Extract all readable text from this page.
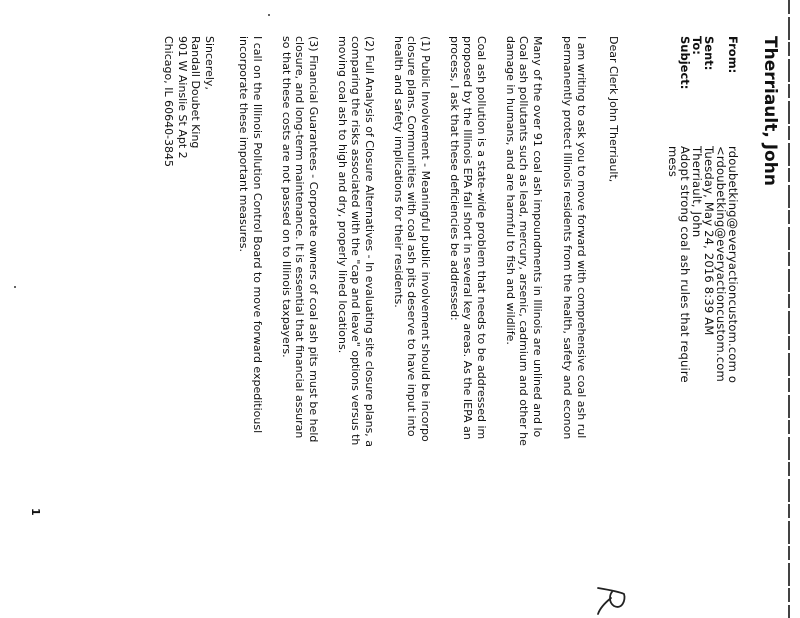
Therriault, John
From:
rdoubetking@everyactioncustom.com o
<rdoubetking@everyactioncustom.com
Sent:
Tuesday, May 24, 2016 8:39 AM
To:
Therriault, John
Subject:
Adopt strong coal ash rules that require
mess
Dear Clerk John Therriault,
I am writing to ask you to move forward with comprehensive coal ash rul
permanently protect Illinois residents from the health, safety and econon
Many of the over 91 coal ash impoundments in Illinois are unlined and lo
Coal ash pollutants such as lead, mercury, arsenic, cadmium and other he
damage in humans, and are harmful to fish and wildlife.
Coal ash pollution is a state-wide problem that needs to be addressed im
proposed by the Illinois EPA fall short in several key areas. As the IEPA an
process, I ask that these deficiencies be addressed:
(1) Public Involvement - Meaningful public involvement should be incorpo
closure plans. Communities with coal ash pits deserve to have input into
health and safety implications for their residents.
(2) Full Analysis of Closure Alternatives - In evaluating site closure plans, a
comparing the risks associated with the "cap and leave" options versus th
moving coal ash to high and dry, properly lined locations.
(3) Financial Guarantees - Corporate owners of coal ash pits must be held
closure, and long-term maintenance. It is essential that financial assuran
so that these costs are not passed on to Illinois taxpayers.
I call on the Illinois Pollution Control Board to move forward expeditiousl
incorporate these important measures.
Sincerely,
Randall Doubet King
901 W Ainslie St Apt 2
Chicago, IL 60640-3845
1
